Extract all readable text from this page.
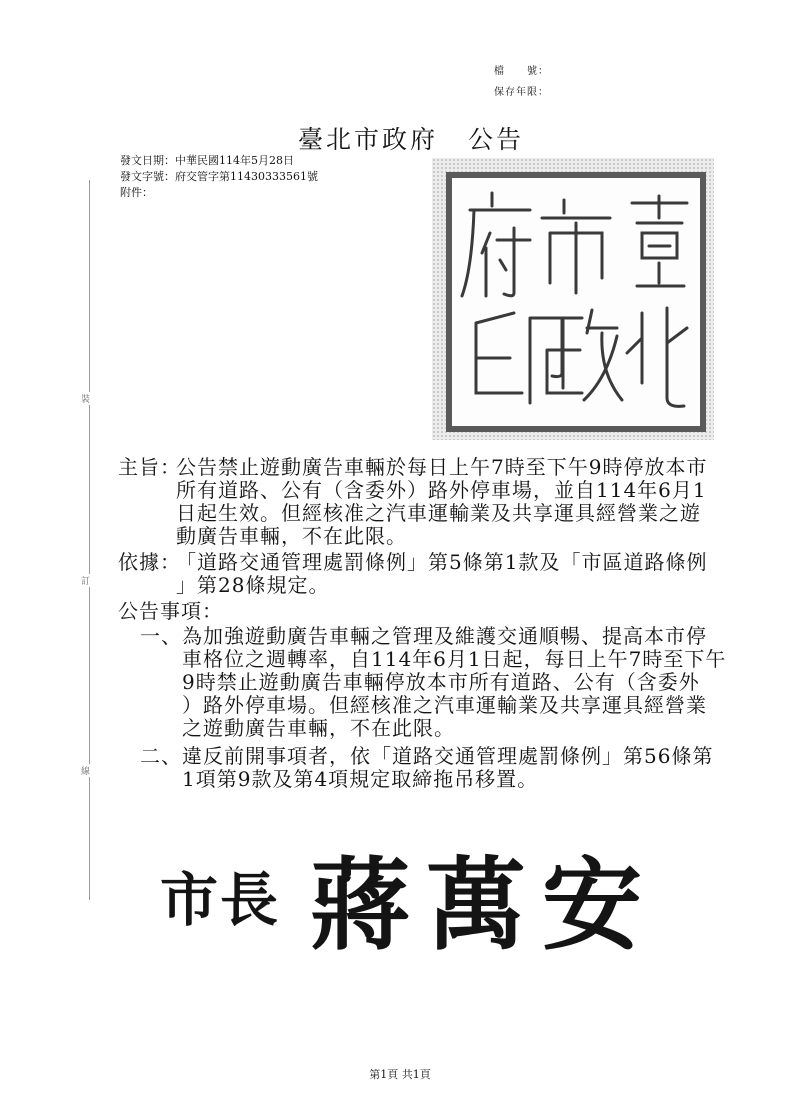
檔　　號：
保存年限：
臺北市政府 公告
發文日期：中華民國114年5月28日
發文字號：府交管字第11430333561號
附件：
裝
訂
線
主旨：
公告禁止遊動廣告車輛於每日上午7時至下午9時停放本市
所有道路、公有（含委外）路外停車場，並自114年6月1
日起生效。但經核准之汽車運輸業及共享運具經營業之遊
動廣告車輛，不在此限。
依據：
「道路交通管理處罰條例」第5條第1款及「市區道路條例
」第28條規定。
公告事項：
一、 為加強遊動廣告車輛之管理及維護交通順暢、提高本市停
車格位之週轉率，自114年6月1日起，每日上午7時至下午
9時禁止遊動廣告車輛停放本市所有道路、公有（含委外
）路外停車場。但經核准之汽車運輸業及共享運具經營業
之遊動廣告車輛，不在此限。
二、 違反前開事項者，依「道路交通管理處罰條例」第56條第
1項第9款及第4項規定取締拖吊移置。
市長 蔣萬安
第1頁 共1頁
